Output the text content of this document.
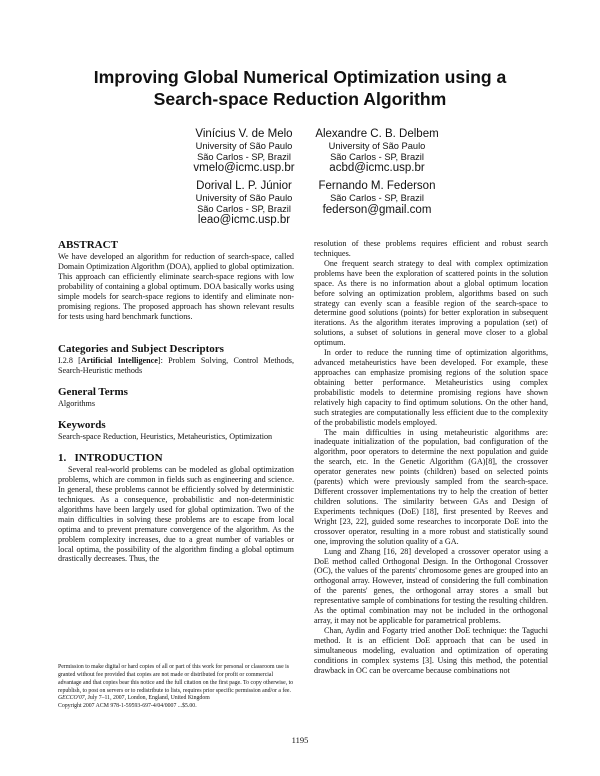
Improving Global Numerical Optimization using a
Search-space Reduction Algorithm
Vinícius V. de Melo
University of São Paulo
São Carlos - SP, Brazil
vmelo@icmc.usp.br
Alexandre C. B. Delbem
University of São Paulo
São Carlos - SP, Brazil
acbd@icmc.usp.br
Dorival L. P. Júnior
University of São Paulo
São Carlos - SP, Brazil
leao@icmc.usp.br
Fernando M. Federson
São Carlos - SP, Brazil
federson@gmail.com
ABSTRACT

We have developed an algorithm for reduction of search-space, called Domain Optimization Algorithm (DOA), applied to global optimization. This approach can efficiently eliminate search-space regions with low probability of containing a global optimum. DOA basically works using simple models for search-space regions to identify and eliminate non-promising regions. The proposed approach has shown relevant results for tests using hard benchmark functions.

Categories and Subject Descriptors

I.2.8 [Artificial Intelligence]: Problem Solving, Control Methods, Search-Heuristic methods

General Terms

Algorithms

Keywords

Search-space Reduction, Heuristics, Metaheuristics, Optimization

1.   INTRODUCTION

Several real-world problems can be modeled as global optimization problems, which are common in fields such as engineering and science. In general, these problems cannot be efficiently solved by deterministic techniques. As a consequence, probabilistic and non-deterministic algorithms have been largely used for global optimization. Two of the main difficulties in solving these problems are to escape from local optima and to prevent premature convergence of the algorithm. As the problem complexity increases, due to a great number of variables or local optima, the possibility of the algorithm finding a global optimum drastically decreases. Thus, the

Permission to make digital or hard copies of all or part of this work for personal or classroom use is granted without fee provided that copies are not made or distributed for profit or commercial advantage and that copies bear this notice and the full citation on the first page. To copy otherwise, to republish, to post on servers or to redistribute to lists, requires prior specific permission and/or a fee.

GECCO'07, July 7–11, 2007, London, England, United Kingdom

Copyright 2007 ACM 978-1-59593-697-4/04/0007 ...$5.00.

resolution of these problems requires efficient and robust search techniques.

One frequent search strategy to deal with complex optimization problems have been the exploration of scattered points in the solution space. As there is no information about a global optimum location before solving an optimization problem, algorithms based on such strategy can evenly scan a feasible region of the search-space to determine good solutions (points) for better exploration in subsequent iterations. As the algorithm iterates improving a population (set) of solutions, a subset of solutions in general move closer to a global optimum.

In order to reduce the running time of optimization algorithms, advanced metaheuristics have been developed. For example, these approaches can emphasize promising regions of the solution space obtaining better performance. Metaheuristics using complex probabilistic models to determine promising regions have shown relatively high capacity to find optimum solutions. On the other hand, such strategies are computationally less efficient due to the complexity of the probabilistic models employed.

The main difficulties in using metaheuristic algorithms are: inadequate initialization of the population, bad configuration of the algorithm, poor operators to determine the next population and guide the search, etc. In the Genetic Algorithm (GA)[8], the crossover operator generates new points (children) based on selected points (parents) which were previously sampled from the search-space. Different crossover implementations try to help the creation of better children solutions. The similarity between GAs and Design of Experiments techniques (DoE) [18], first presented by Reeves and Wright [23, 22], guided some researches to incorporate DoE into the crossover operator, resulting in a more robust and statistically sound one, improving the solution quality of a GA.

Lung and Zhang [16, 28] developed a crossover operator using a DoE method called Orthogonal Design. In the Orthogonal Crossover (OC), the values of the parents' chromosome genes are grouped into an orthogonal array. However, instead of considering the full combination of the parents' genes, the orthogonal array stores a small but representative sample of combinations for testing the resulting children. As the optimal combination may not be included in the orthogonal array, it may not be applicable for parametrical problems.

Chan, Aydin and Fogarty tried another DoE technique: the Taguchi method. It is an efficient DoE approach that can be used in simultaneous modeling, evaluation and optimization of operating conditions in complex systems [3]. Using this method, the potential drawback in OC can be overcame because combinations not

1195
